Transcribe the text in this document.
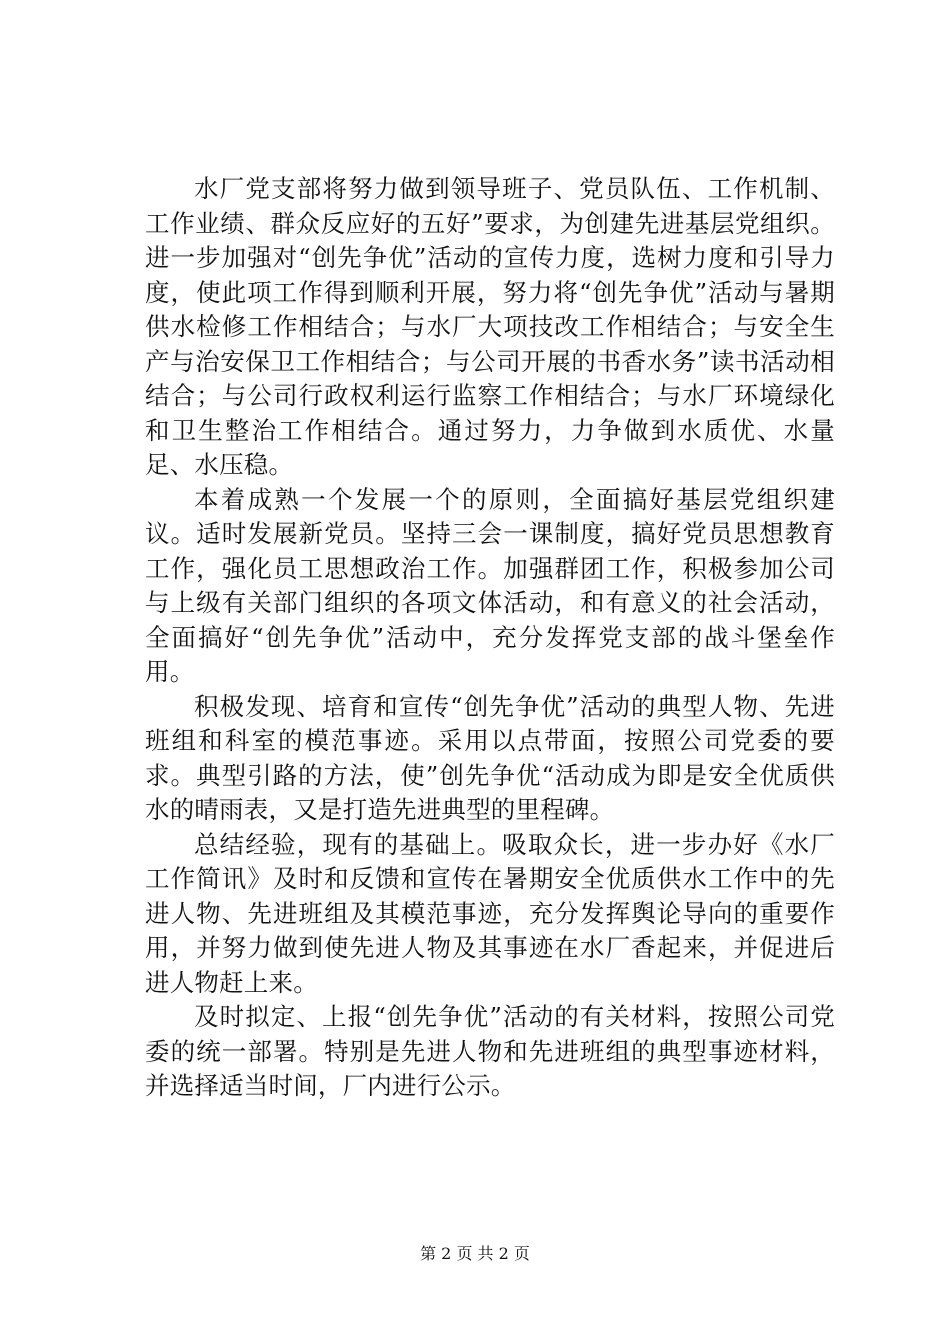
水厂党支部将努力做到领导班子、党员队伍、工作机制、工作业绩、群众反应好的五好”要求，为创建先进基层党组织。进一步加强对“创先争优”活动的宣传力度，选树力度和引导力度，使此项工作得到顺利开展，努力将“创先争优”活动与暑期供水检修工作相结合；与水厂大项技改工作相结合；与安全生产与治安保卫工作相结合；与公司开展的书香水务”读书活动相结合；与公司行政权利运行监察工作相结合；与水厂环境绿化和卫生整治工作相结合。通过努力，力争做到水质优、水量足、水压稳。

本着成熟一个发展一个的原则，全面搞好基层党组织建议。适时发展新党员。坚持三会一课制度，搞好党员思想教育工作，强化员工思想政治工作。加强群团工作，积极参加公司与上级有关部门组织的各项文体活动，和有意义的社会活动，全面搞好“创先争优”活动中，充分发挥党支部的战斗堡垒作用。

积极发现、培育和宣传“创先争优”活动的典型人物、先进班组和科室的模范事迹。采用以点带面，按照公司党委的要求。典型引路的方法，使”创先争优“活动成为即是安全优质供水的晴雨表，又是打造先进典型的里程碑。

总结经验，现有的基础上。吸取众长，进一步办好《水厂工作简讯》及时和反馈和宣传在暑期安全优质供水工作中的先进人物、先进班组及其模范事迹，充分发挥舆论导向的重要作用，并努力做到使先进人物及其事迹在水厂香起来，并促进后进人物赶上来。

及时拟定、上报“创先争优”活动的有关材料，按照公司党委的统一部署。特别是先进人物和先进班组的典型事迹材料，并选择适当时间，厂内进行公示。

第 2 页 共 2 页
